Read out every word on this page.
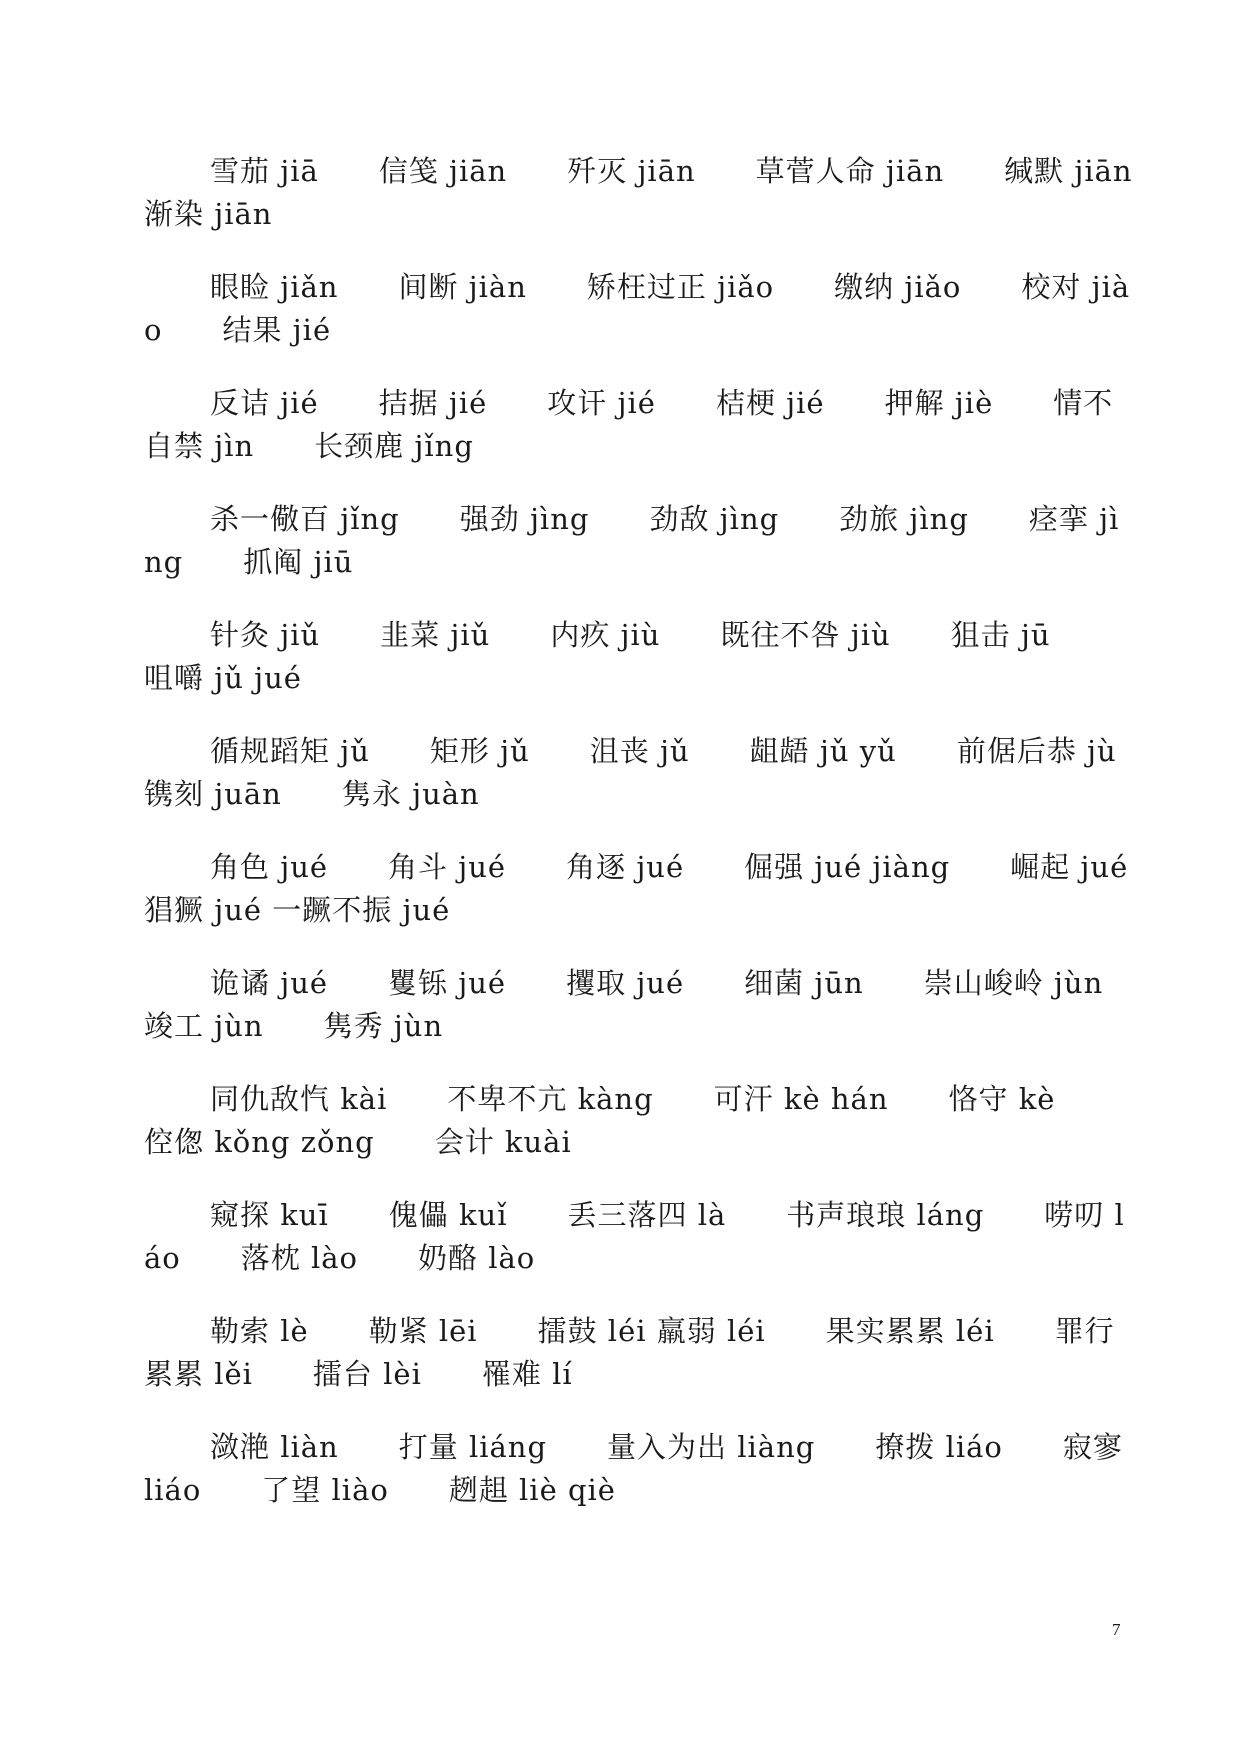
雪茄 jiā　　信笺 jiān　　歼灭 jiān　　草菅人命 jiān　　缄默 jiān　　渐染 jiān

眼睑 jiǎn　　间断 jiàn　　矫枉过正 jiǎo　　缴纳 jiǎo　　校对 jiào　　结果 jié

反诘 jié　　拮据 jié　　攻讦 jié　　桔梗 jié　　押解 jiè　　情不自禁 jìn　　长颈鹿 jǐng

杀一儆百 jǐng　　强劲 jìng　　劲敌 jìng　　劲旅 jìng　　痉挛 jìng　　抓阄 jiū

针灸 jiǔ　　韭菜 jiǔ　　内疚 jiù　　既往不咎 jiù　　狙击 jū　　咀嚼 jǔ jué

循规蹈矩 jǔ　　矩形 jǔ　　沮丧 jǔ　　龃龉 jǔ yǔ　　前倨后恭 jù　　镌刻 juān　　隽永 juàn

角色 jué　　角斗 jué　　角逐 jué　　倔强 jué jiàng　　崛起 jué　　猖獗 jué 一蹶不振 jué

诡谲 jué　　矍铄 jué　　攫取 jué　　细菌 jūn　　崇山峻岭 jùn　　竣工 jùn　　隽秀 jùn

同仇敌忾 kài　　不卑不亢 kàng　　可汗 kè hán　　恪守 kè　　倥偬 kǒng zǒng　　会计 kuài

窥探 kuī　　傀儡 kuǐ　　丢三落四 là　　书声琅琅 láng　　唠叨 láo　　落枕 lào　　奶酪 lào

勒索 lè　　勒紧 lēi　　擂鼓 léi 羸弱 léi　　果实累累 léi　　罪行累累 lěi　　擂台 lèi　　罹难 lí

潋滟 liàn　　打量 liáng　　量入为出 liàng　　撩拨 liáo　　寂寥 liáo　　了望 liào　　趔趄 liè qiè

7
